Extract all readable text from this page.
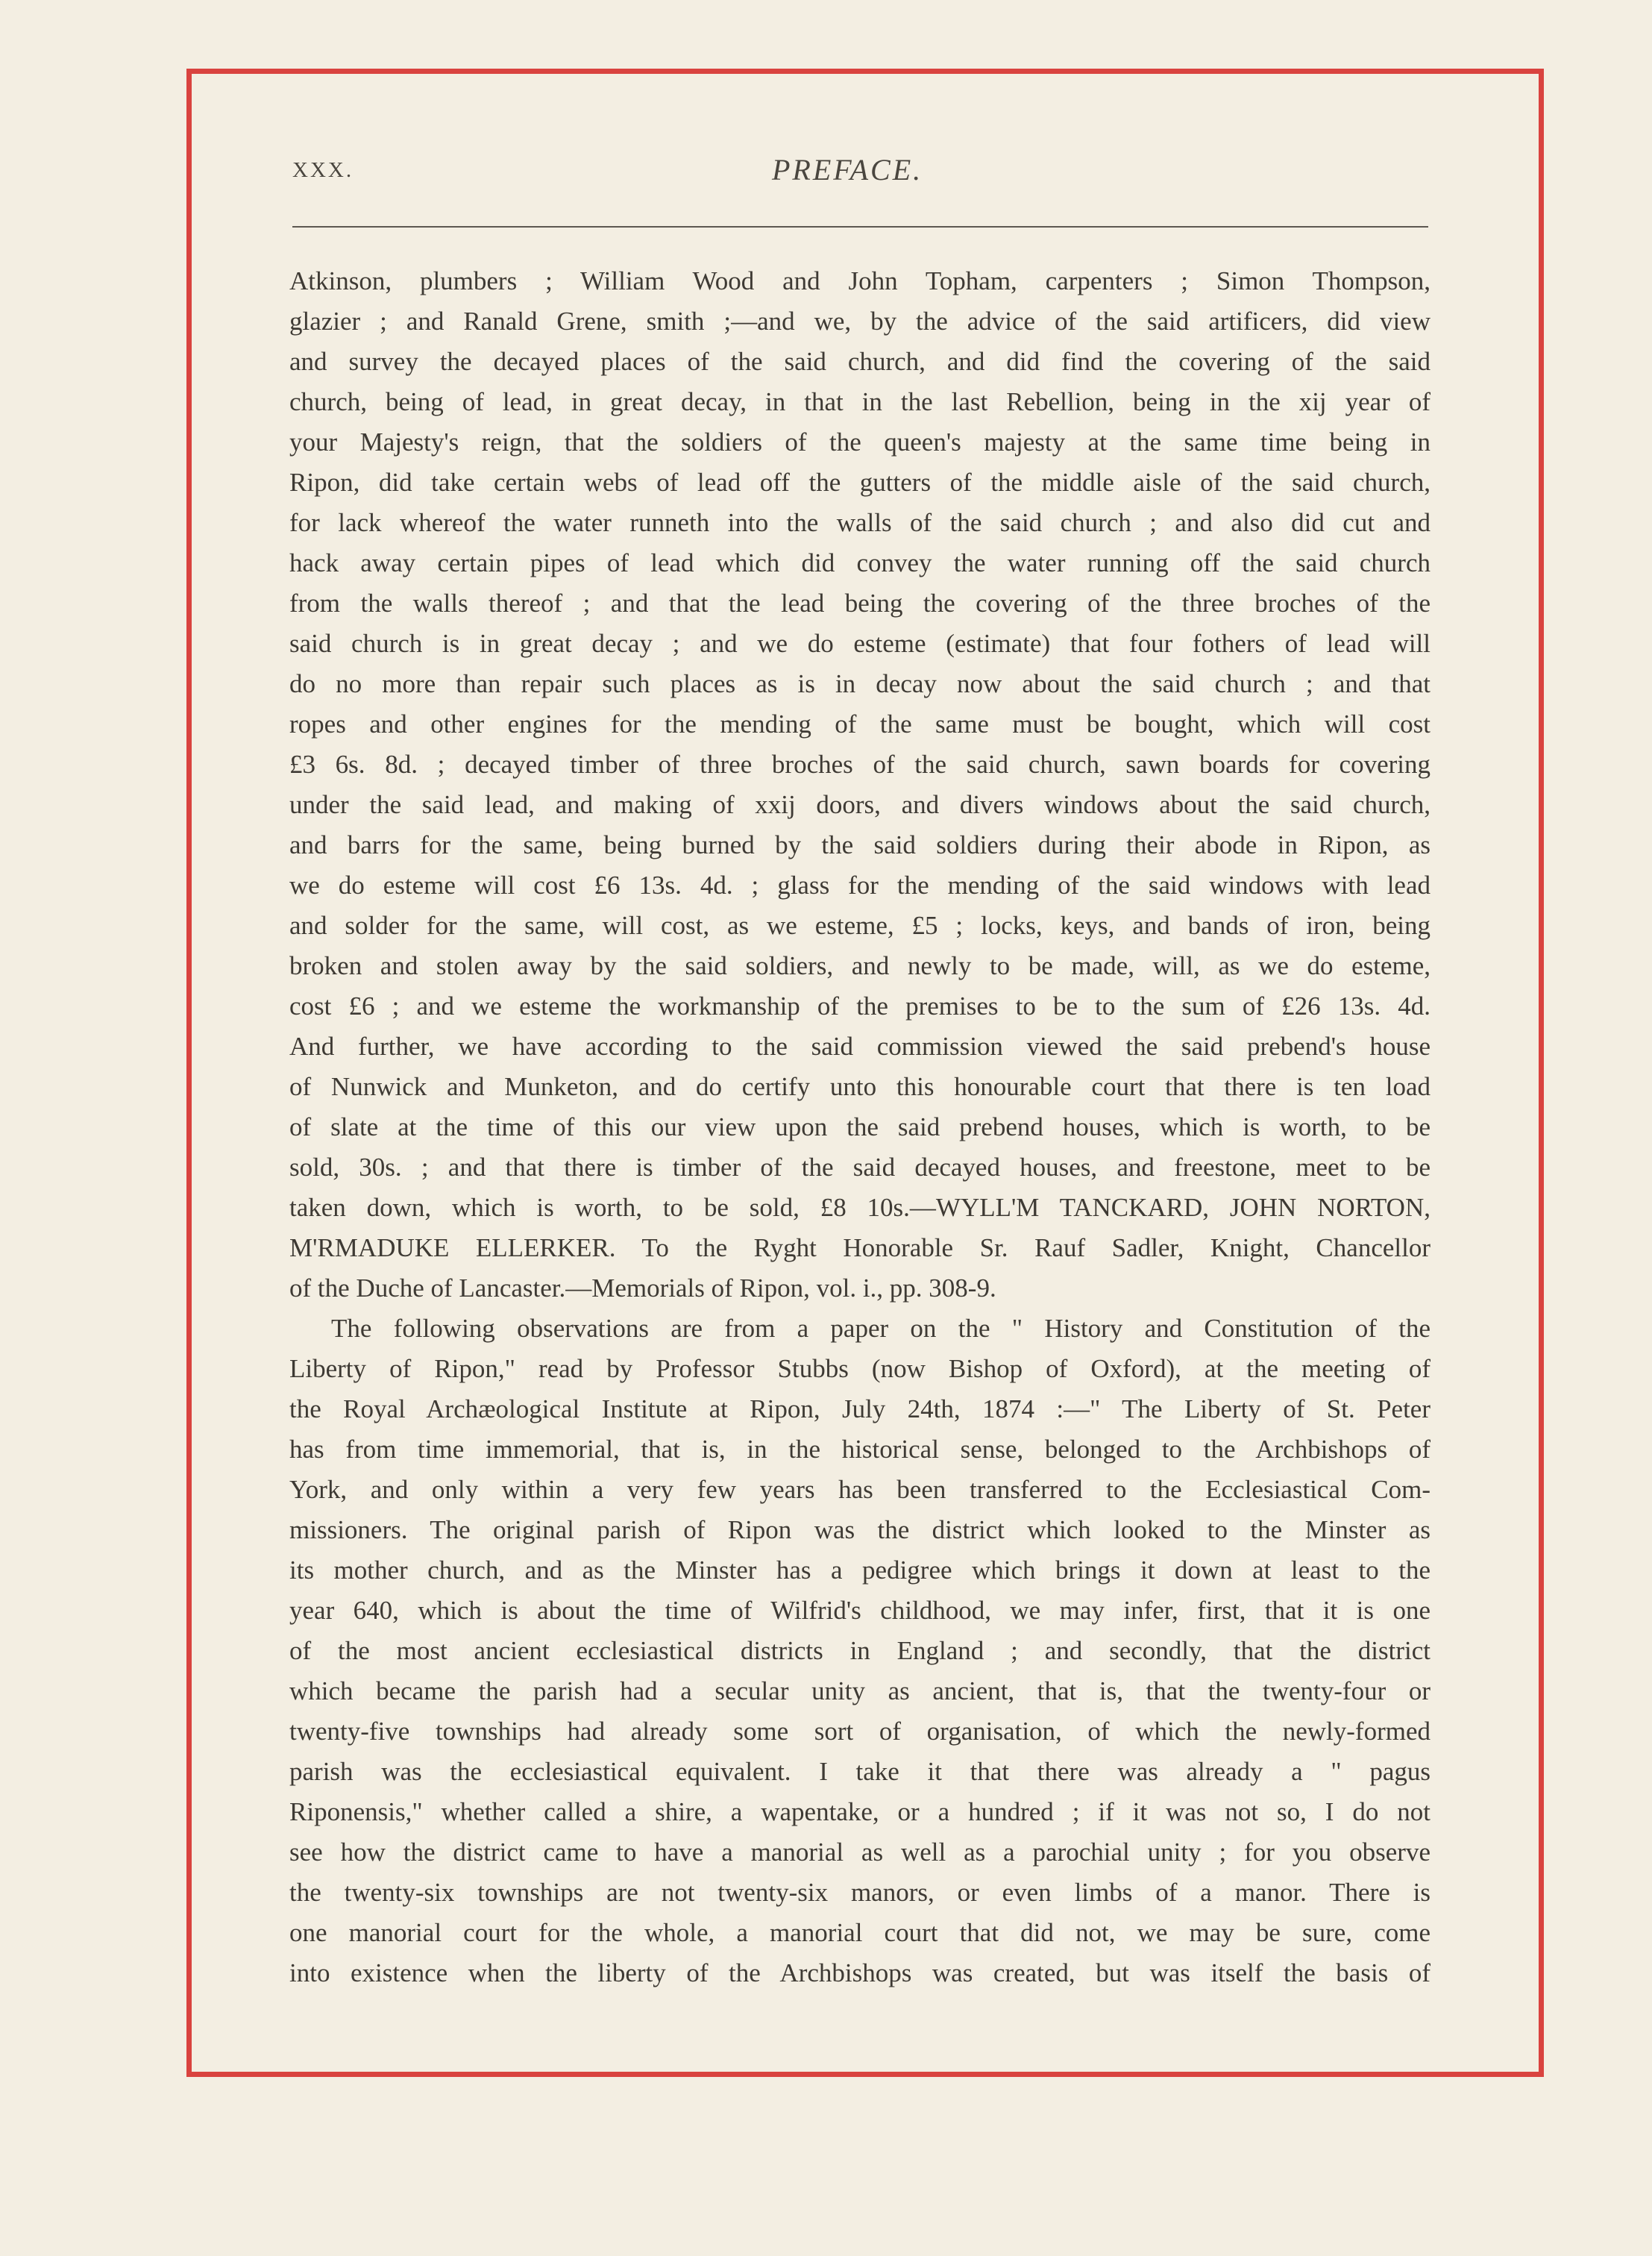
XXX.	PREFACE.
Atkinson, plumbers ; William Wood and John Topham, carpenters ; Simon Thompson,
glazier ; and Ranald Grene, smith ;—and we, by the advice of the said artificers, did view
and survey the decayed places of the said church, and did find the covering of the said
church, being of lead, in great decay, in that in the last Rebellion, being in the xij year of
your Majesty's reign, that the soldiers of the queen's majesty at the same time being in
Ripon, did take certain webs of lead off the gutters of the middle aisle of the said church,
for lack whereof the water runneth into the walls of the said church ; and also did cut and
hack away certain pipes of lead which did convey the water running off the said church
from the walls thereof ; and that the lead being the covering of the three broches of the
said church is in great decay ; and we do esteme (estimate) that four fothers of lead will
do no more than repair such places as is in decay now about the said church ; and that
ropes and other engines for the mending of the same must be bought, which will cost
£3 6s. 8d. ; decayed timber of three broches of the said church, sawn boards for covering
under the said lead, and making of xxij doors, and divers windows about the said church,
and barrs for the same, being burned by the said soldiers during their abode in Ripon, as
we do esteme will cost £6 13s. 4d. ; glass for the mending of the said windows with lead
and solder for the same, will cost, as we esteme, £5 ; locks, keys, and bands of iron, being
broken and stolen away by the said soldiers, and newly to be made, will, as we do esteme,
cost £6 ; and we esteme the workmanship of the premises to be to the sum of £26 13s. 4d.
And further, we have according to the said commission viewed the said prebend's house
of Nunwick and Munketon, and do certify unto this honourable court that there is ten load
of slate at the time of this our view upon the said prebend houses, which is worth, to be
sold, 30s. ; and that there is timber of the said decayed houses, and freestone, meet to be
taken down, which is worth, to be sold, £8 10s.—WYLL'M TANCKARD, JOHN NORTON,
M'RMADUKE ELLERKER. To the Ryght Honorable Sr. Rauf Sadler, Knight, Chancellor
of the Duche of Lancaster.—Memorials of Ripon, vol. i., pp. 308-9.
The following observations are from a paper on the " History and Constitution of the
Liberty of Ripon," read by Professor Stubbs (now Bishop of Oxford), at the meeting of
the Royal Archæological Institute at Ripon, July 24th, 1874 :—" The Liberty of St. Peter
has from time immemorial, that is, in the historical sense, belonged to the Archbishops of
York, and only within a very few years has been transferred to the Ecclesiastical Com-
missioners. The original parish of Ripon was the district which looked to the Minster as
its mother church, and as the Minster has a pedigree which brings it down at least to the
year 640, which is about the time of Wilfrid's childhood, we may infer, first, that it is one
of the most ancient ecclesiastical districts in England ; and secondly, that the district
which became the parish had a secular unity as ancient, that is, that the twenty-four or
twenty-five townships had already some sort of organisation, of which the newly-formed
parish was the ecclesiastical equivalent. I take it that there was already a " pagus
Riponensis," whether called a shire, a wapentake, or a hundred ; if it was not so, I do not
see how the district came to have a manorial as well as a parochial unity ; for you observe
the twenty-six townships are not twenty-six manors, or even limbs of a manor. There is
one manorial court for the whole, a manorial court that did not, we may be sure, come
into existence when the liberty of the Archbishops was created, but was itself the basis of
